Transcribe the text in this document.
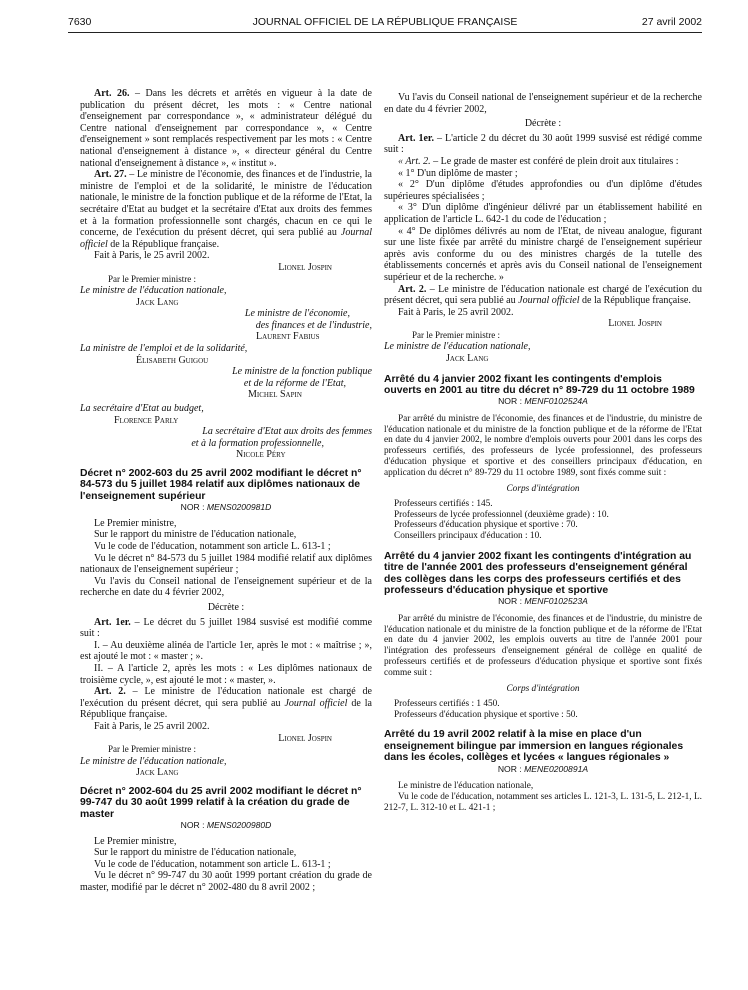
7630	JOURNAL OFFICIEL DE LA RÉPUBLIQUE FRANÇAISE	27 avril 2002

Art. 26. – Dans les décrets et arrêtés en vigueur à la date de publication du présent décret, les mots : « Centre national d'enseignement par correspondance », « administrateur délégué du Centre national d'enseignement par correspondance », « Centre d'enseignement » sont remplacés respectivement par les mots : « Centre national d'enseignement à distance », « directeur général du Centre national d'enseignement à distance », « institut ».

Art. 27. – Le ministre de l'économie, des finances et de l'industrie, la ministre de l'emploi et de la solidarité, le ministre de l'éducation nationale, le ministre de la fonction publique et de la réforme de l'Etat, la secrétaire d'Etat au budget et la secrétaire d'Etat aux droits des femmes et à la formation professionnelle sont chargés, chacun en ce qui le concerne, de l'exécution du présent décret, qui sera publié au Journal officiel de la République française.

Fait à Paris, le 25 avril 2002.

Lionel Jospin

Par le Premier ministre :

Le ministre de l'éducation nationale,

Jack Lang

Le ministre de l'économie,

des finances et de l'industrie,

Laurent Fabius

La ministre de l'emploi et de la solidarité,

Élisabeth Guigou

Le ministre de la fonction publique

et de la réforme de l'Etat,

Michel Sapin

La secrétaire d'Etat au budget,

Florence Parly

La secrétaire d'Etat aux droits des femmes

et à la formation professionnelle,

Nicole Péry

Décret n° 2002-603 du 25 avril 2002 modifiant le décret n° 84-573 du 5 juillet 1984 relatif aux diplômes nationaux de l'enseignement supérieur

NOR : MENS0200981D

Le Premier ministre,

Sur le rapport du ministre de l'éducation nationale,

Vu le code de l'éducation, notamment son article L. 613-1 ;

Vu le décret n° 84-573 du 5 juillet 1984 modifié relatif aux diplômes nationaux de l'enseignement supérieur ;

Vu l'avis du Conseil national de l'enseignement supérieur et de la recherche en date du 4 février 2002,

Décrète :

Art. 1er. – Le décret du 5 juillet 1984 susvisé est modifié comme suit :

I. – Au deuxième alinéa de l'article 1er, après le mot : « maîtrise ; », est ajouté le mot : « master ; ».

II. – A l'article 2, après les mots : « Les diplômes nationaux de troisième cycle, », est ajouté le mot : « master, ».

Art. 2. – Le ministre de l'éducation nationale est chargé de l'exécution du présent décret, qui sera publié au Journal officiel de la République française.

Fait à Paris, le 25 avril 2002.

Lionel Jospin

Par le Premier ministre :

Le ministre de l'éducation nationale,

Jack Lang

Décret n° 2002-604 du 25 avril 2002 modifiant le décret n° 99-747 du 30 août 1999 relatif à la création du grade de master

NOR : MENS0200980D

Le Premier ministre,

Sur le rapport du ministre de l'éducation nationale,

Vu le code de l'éducation, notamment son article L. 613-1 ;

Vu le décret n° 99-747 du 30 août 1999 portant création du grade de master, modifié par le décret n° 2002-480 du 8 avril 2002 ;

Vu l'avis du Conseil national de l'enseignement supérieur et de la recherche en date du 4 février 2002,

Décrète :

Art. 1er. – L'article 2 du décret du 30 août 1999 susvisé est rédigé comme suit :

« Art. 2. – Le grade de master est conféré de plein droit aux titulaires :

« 1° D'un diplôme de master ;

« 2° D'un diplôme d'études approfondies ou d'un diplôme d'études supérieures spécialisées ;

« 3° D'un diplôme d'ingénieur délivré par un établissement habilité en application de l'article L. 642-1 du code de l'éducation ;

« 4° De diplômes délivrés au nom de l'Etat, de niveau analogue, figurant sur une liste fixée par arrêté du ministre chargé de l'enseignement supérieur après avis conforme du ou des ministres chargés de la tutelle des établissements concernés et après avis du Conseil national de l'enseignement supérieur et de la recherche. »

Art. 2. – Le ministre de l'éducation nationale est chargé de l'exécution du présent décret, qui sera publié au Journal officiel de la République française.

Fait à Paris, le 25 avril 2002.

Lionel Jospin

Par le Premier ministre :

Le ministre de l'éducation nationale,

Jack Lang

Arrêté du 4 janvier 2002 fixant les contingents d'emplois ouverts en 2001 au titre du décret n° 89-729 du 11 octobre 1989

NOR : MENF0102524A

Par arrêté du ministre de l'économie, des finances et de l'industrie, du ministre de l'éducation nationale et du ministre de la fonction publique et de la réforme de l'Etat en date du 4 janvier 2002, le nombre d'emplois ouverts pour 2001 dans les corps des professeurs certifiés, des professeurs de lycée professionnel, des professeurs d'éducation physique et sportive et des conseillers principaux d'éducation, en application du décret n° 89-729 du 11 octobre 1989, sont fixés comme suit :

Corps d'intégration

Professeurs certifiés : 145.

Professeurs de lycée professionnel (deuxième grade) : 10.

Professeurs d'éducation physique et sportive : 70.

Conseillers principaux d'éducation : 10.

Arrêté du 4 janvier 2002 fixant les contingents d'intégration au titre de l'année 2001 des professeurs d'enseignement général des collèges dans les corps des professeurs certifiés et des professeurs d'éducation physique et sportive

NOR : MENF0102523A

Par arrêté du ministre de l'économie, des finances et de l'industrie, du ministre de l'éducation nationale et du ministre de la fonction publique et de la réforme de l'Etat en date du 4 janvier 2002, les emplois ouverts au titre de l'année 2001 pour l'intégration des professeurs d'enseignement général de collège en qualité de professeurs certifiés et de professeurs d'éducation physique et sportive sont fixés comme suit :

Corps d'intégration

Professeurs certifiés : 1 450.

Professeurs d'éducation physique et sportive : 50.

Arrêté du 19 avril 2002 relatif à la mise en place d'un enseignement bilingue par immersion en langues régionales dans les écoles, collèges et lycées « langues régionales »

NOR : MENE0200891A

Le ministre de l'éducation nationale,

Vu le code de l'éducation, notamment ses articles L. 121-3, L. 131-5, L. 212-1, L. 212-7, L. 312-10 et L. 421-1 ;
